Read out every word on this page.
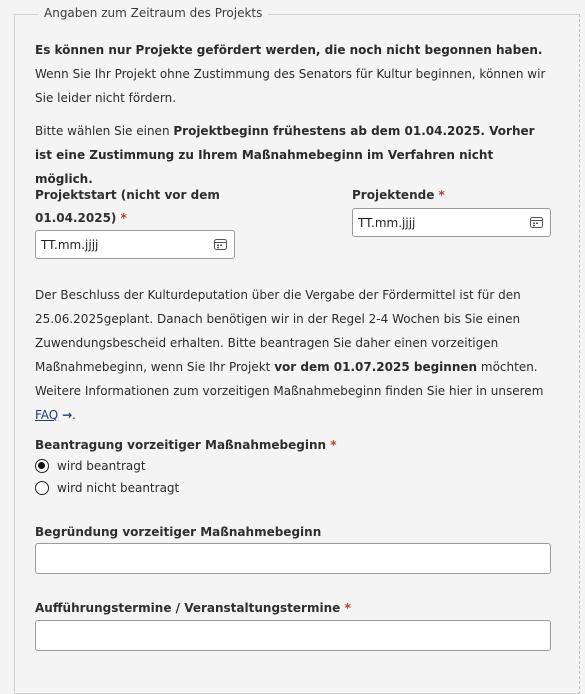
Angaben zum Zeitraum des Projekts
Es können nur Projekte gefördert werden, die noch nicht begonnen haben. Wenn Sie Ihr Projekt ohne Zustimmung des Senators für Kultur beginnen, können wir Sie leider nicht fördern.
Bitte wählen Sie einen Projektbeginn frühestens ab dem 01.04.2025. Vorher ist eine Zustimmung zu Ihrem Maßnahmebeginn im Verfahren nicht möglich.
Projektstart (nicht vor dem
01.04.2025) *
TT.mm.jjjj
Projektende *
TT.mm.jjjj
Der Beschluss der Kulturdeputation über die Vergabe der Fördermittel ist für den
25.06.2025geplant. Danach benötigen wir in der Regel 2-4 Wochen bis Sie einen
Zuwendungsbescheid erhalten. Bitte beantragen Sie daher einen vorzeitigen
Maßnahmebeginn, wenn Sie Ihr Projekt vor dem 01.07.2025 beginnen möchten.
Weitere Informationen zum vorzeitigen Maßnahmebeginn finden Sie hier in unserem
FAQ →.
Beantragung vorzeitiger Maßnahmebeginn *
wird beantragt
wird nicht beantragt
Begründung vorzeitiger Maßnahmebeginn
Aufführungstermine / Veranstaltungstermine *
